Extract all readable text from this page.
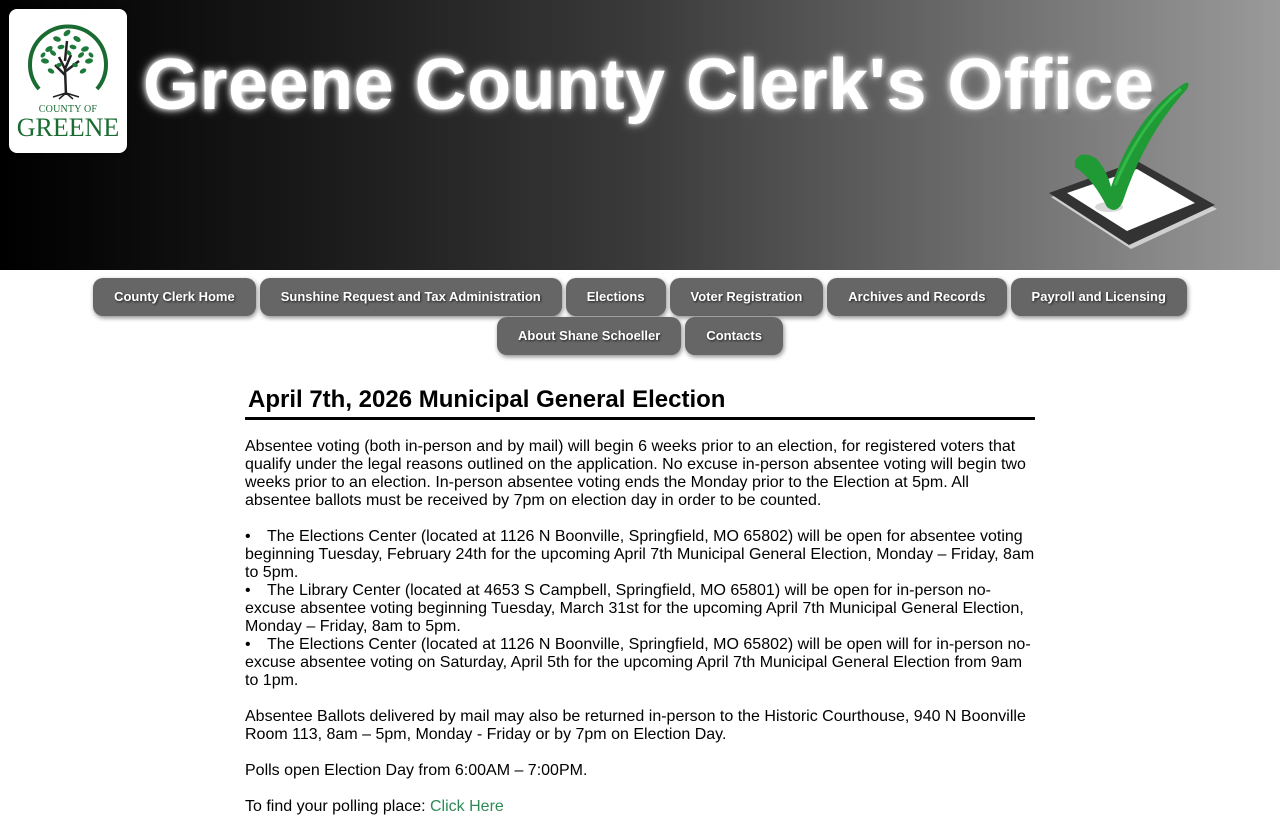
COUNTY OF
GREENE
Greene County Clerk's Office
County Clerk Home	Sunshine Request and Tax Administration	Elections	Voter Registration	Archives and Records	Payroll and Licensing
About Shane Schoeller	Contacts
April 7th, 2026 Municipal General Election

Absentee voting (both in-person and by mail) will begin 6 weeks prior to an election, for registered voters that qualify under the legal reasons outlined on the application. No excuse in-person absentee voting will begin two weeks prior to an election. In-person absentee voting ends the Monday prior to the Election at 5pm. All absentee ballots must be received by 7pm on election day in order to be counted.

• The Elections Center (located at 1126 N Boonville, Springfield, MO 65802) will be open for absentee voting beginning Tuesday, February 24th for the upcoming April 7th Municipal General Election, Monday – Friday, 8am to 5pm.
• The Library Center (located at 4653 S Campbell, Springfield, MO 65801) will be open for in-person no-excuse absentee voting beginning Tuesday, March 31st for the upcoming April 7th Municipal General Election, Monday – Friday, 8am to 5pm.
• The Elections Center (located at 1126 N Boonville, Springfield, MO 65802) will be open will for in-person no-excuse absentee voting on Saturday, April 5th for the upcoming April 7th Municipal General Election from 9am to 1pm.

Absentee Ballots delivered by mail may also be returned in-person to the Historic Courthouse, 940 N Boonville Room 113, 8am – 5pm, Monday - Friday or by 7pm on Election Day.

Polls open Election Day from 6:00AM – 7:00PM.

To find your polling place: Click Here
